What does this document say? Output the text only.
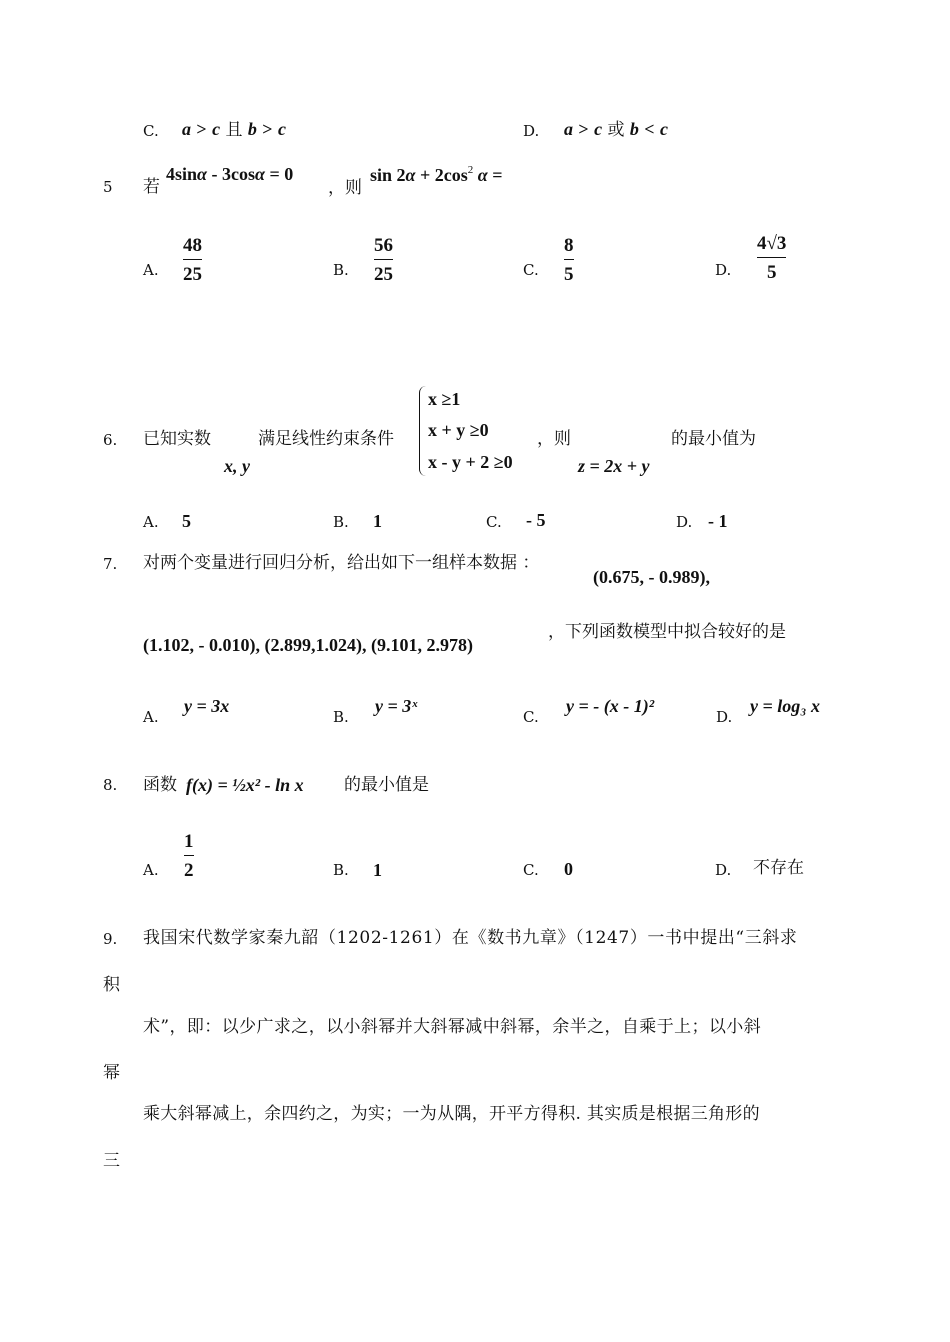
C. a > c 且 b > c	D. a > c 或 b < c
5 若
4sinα - 3cosα = 0
，则
$\sin 2\alpha + 2\cos^2$ α =
A.
48
25	B.
56
25	C.
8
5	D.
4√3
5
6. 已知实数
x, y
满足线性约束条件
x ≥1
x + y ≥0
x - y + 2 ≥0
，则
z = 2x + y
的最小值为
A. 5	B. 1	C. - 5	D. - 1
7. 对两个变量进行回归分析，给出如下一组样本数据 ：
(0.675, - 0.989),
(1.102, - 0.010), (2.899,1.024), (9.101, 2.978)
，下列函数模型中拟合较好的是
A.
y = 3x
B.
y = 3ˣ
C.
y = - (x - 1)²
D.
y = log₃ x
8. 函数 f(x) = ½x² - ln x 的最小值是
A.
1
2	B. 1	C. 0	D. 不存在
9. 我国宋代数学家秦九韶（1202-1261）在《数书九章》（1247）一书中提出“三斜求
积
术”，即：以少广求之，以小斜幂并大斜幂减中斜幂，余半之，自乘于上；以小斜
幂
乘大斜幂减上，余四约之，为实；一为从隅，开平方得积. 其实质是根据三角形的
三
